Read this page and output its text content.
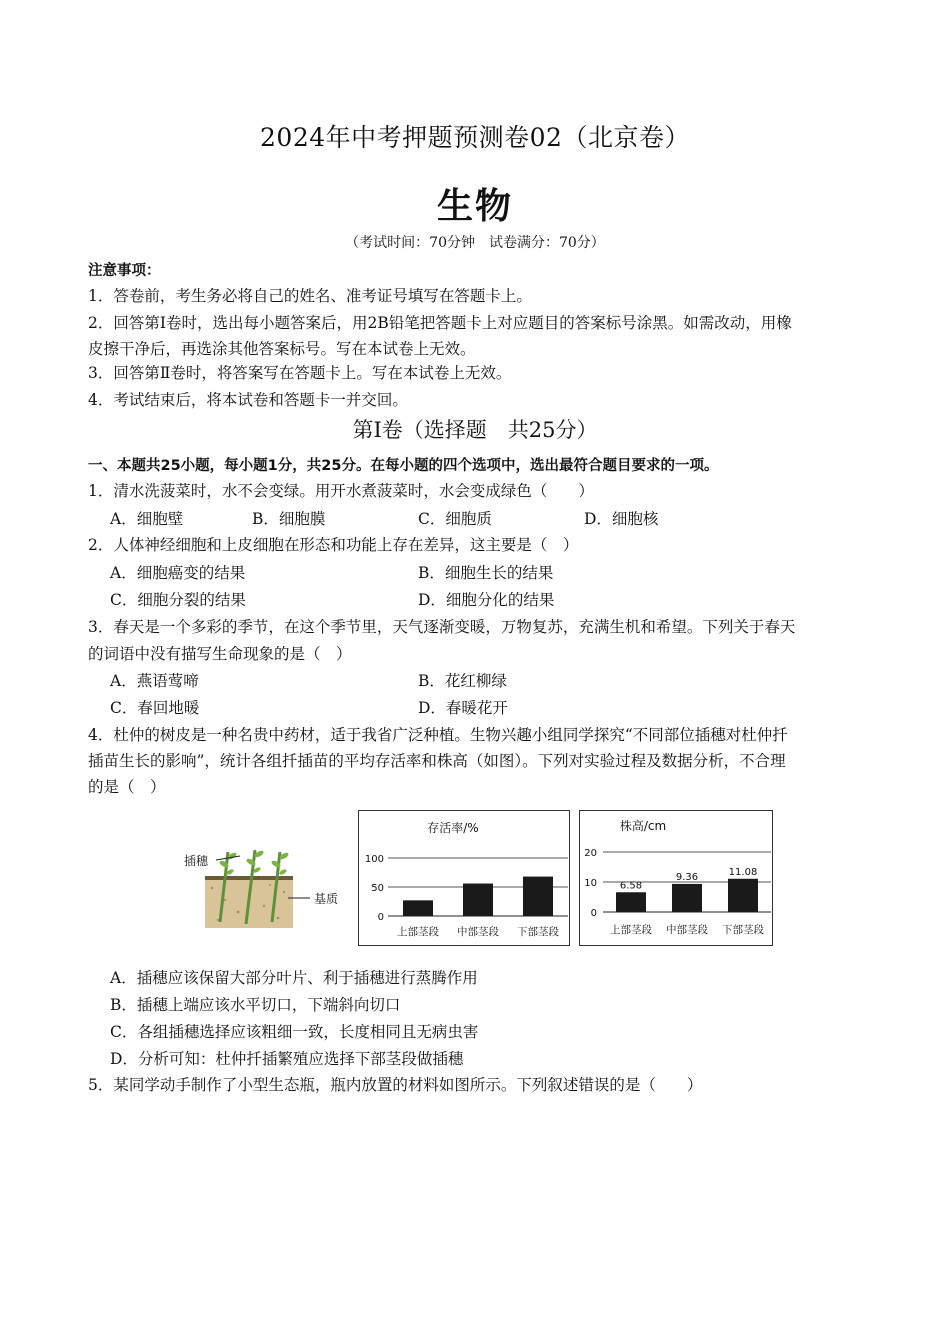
2024年中考押题预测卷02（北京卷）
生物
（考试时间：70分钟　试卷满分：70分）
注意事项：
1．答卷前，考生务必将自己的姓名、准考证号填写在答题卡上。
2．回答第Ⅰ卷时，选出每小题答案后，用2B铅笔把答题卡上对应题目的答案标号涂黑。如需改动，用橡
皮擦干净后，再选涂其他答案标号。写在本试卷上无效。
3．回答第Ⅱ卷时，将答案写在答题卡上。写在本试卷上无效。
4．考试结束后，将本试卷和答题卡一并交回。
第Ⅰ卷（选择题　共25分）
一、本题共25小题，每小题1分，共25分。在每小题的四个选项中，选出最符合题目要求的一项。
1．清水洗菠菜时，水不会变绿。用开水煮菠菜时，水会变成绿色（　　）
A．细胞壁	B．细胞膜	C．细胞质	D．细胞核
2．人体神经细胞和上皮细胞在形态和功能上存在差异，这主要是（　）
A．细胞癌变的结果	B．细胞生长的结果
C．细胞分裂的结果	D．细胞分化的结果
3．春天是一个多彩的季节，在这个季节里，天气逐渐变暖，万物复苏，充满生机和希望。下列关于春天
的词语中没有描写生命现象的是（　）
A．燕语莺啼	B．花红柳绿
C．春回地暖	D．春暖花开
4．杜仲的树皮是一种名贵中药材，适于我省广泛种植。生物兴趣小组同学探究“不同部位插穗对杜仲扦
插苗生长的影响”，统计各组扦插苗的平均存活率和株高（如图）。下列对实验过程及数据分析，不合理
的是（　）
插穗
基质
存活率/%
100
50
0
上部茎段 中部茎段 下部茎段
株高/cm
20
10
0
6.58
9.36	11.08
上部茎段 中部茎段 下部茎段
A．插穗应该保留大部分叶片、利于插穗进行蒸腾作用
B．插穗上端应该水平切口，下端斜向切口
C．各组插穗选择应该粗细一致，长度相同且无病虫害
D．分析可知：杜仲扦插繁殖应选择下部茎段做插穗
5．某同学动手制作了小型生态瓶，瓶内放置的材料如图所示。下列叙述错误的是（　　）
